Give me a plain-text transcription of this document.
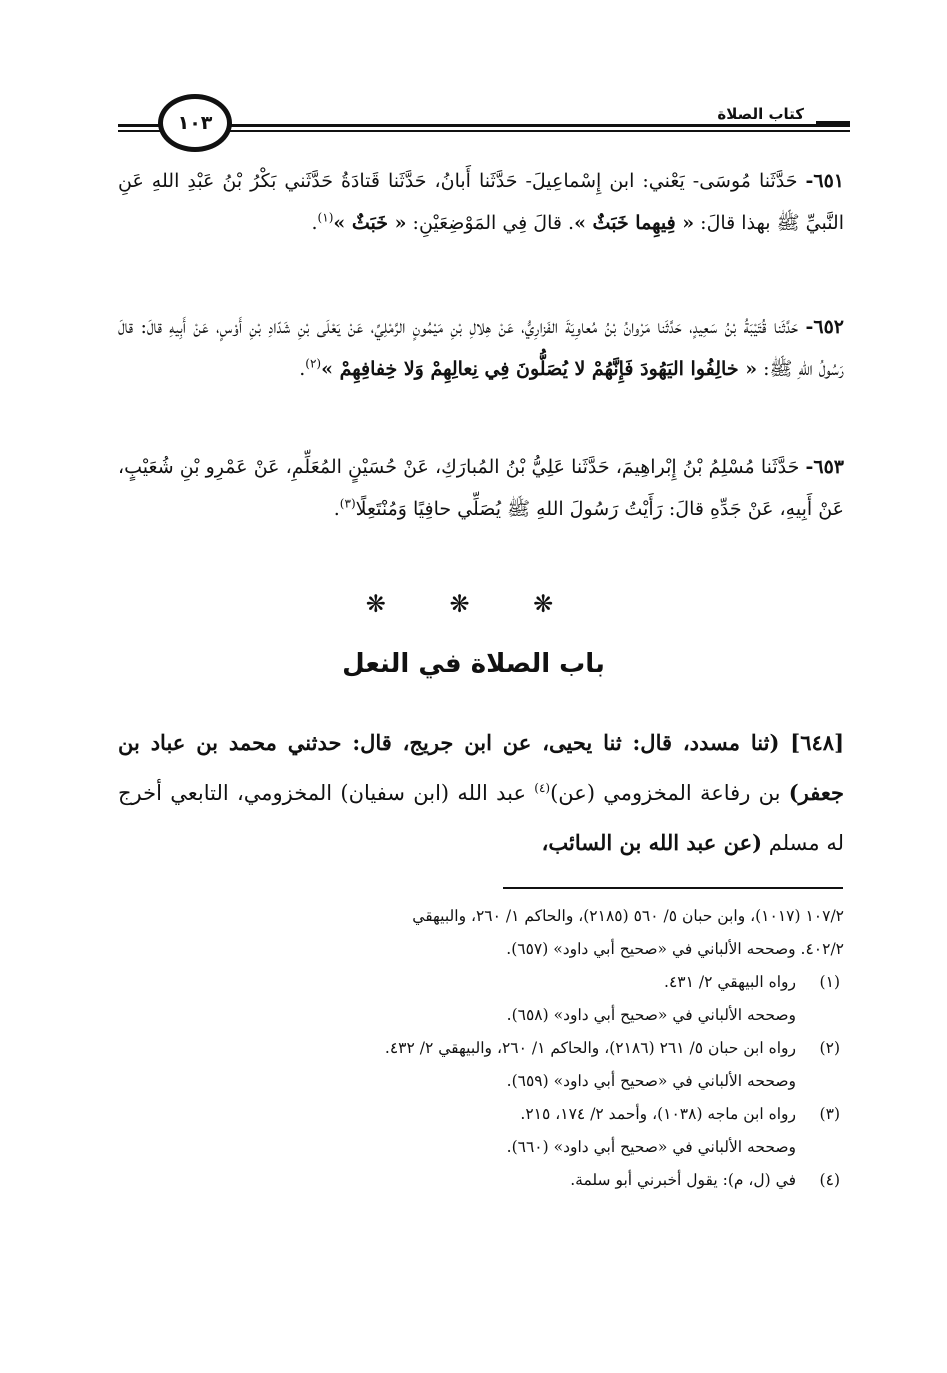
كتاب الصلاة
١٠٣

٦٥١- حَدَّثَنا مُوسَى- يَعْني: ابن إِسْماعِيلَ- حَدَّثَنا أَبانُ، حَدَّثَنا قَتادَةُ حَدَّثَني بَكْرُ بْنُ عَبْدِ اللهِ عَنِ النَّبيِّ ﷺ بهذا قالَ: « فِيهِما خَبَثٌ ». قالَ فِي المَوْضِعَيْنِ: « خَبَثٌ »$^{(١)}$.

٦٥٢- حَدَّثَنا قُتَيْبَةُ بْنُ سَعِيدٍ، حَدَّثَنا مَرْوانُ بْنُ مُعاوِيَةَ الفَزارِيُّ، عَنْ هِلالِ بْنِ مَيْمُونٍ الرَّمْلِيِّ، عَنْ يَعْلَى بْنِ شَدّادِ بْنِ أَوْسٍ، عَنْ أَبِيهِ قالَ: قالَ رَسُولُ اللهِ ﷺ: « خالِفُوا اليَهُودَ فَإِنَّهُمْ لا يُصَلُّونَ فِي نِعالِهِمْ وَلا خِفافِهِمْ »$^{(٢)}$.

٦٥٣- حَدَّثَنا مُسْلِمُ بْنُ إِبْراهِيمَ، حَدَّثَنا عَلِيُّ بْنُ المُبارَكِ، عَنْ حُسَيْنٍ المُعَلِّمِ، عَنْ عَمْرِو بْنِ شُعَيْبٍ، عَنْ أَبِيهِ، عَنْ جَدِّهِ قالَ: رَأَيْتُ رَسُولَ اللهِ ﷺ يُصَلِّي حافِيًا وَمُنْتَعِلًا$^{(٣)}$.

❋ ❋ ❋
باب الصلاة في النعل

[٦٤٨] (ثنا مسدد، قال: ثنا يحيى، عن ابن جريج، قال: حدثني محمد بن عباد بن جعفر) بن رفاعة المخزومي (عن)$^{(٤)}$ عبد الله (ابن سفيان) المخزومي، التابعي أخرج له مسلم (عن عبد الله بن السائب،

١٠٧/٢ (١٠١٧)، وابن حبان ٥/ ٥٦٠ (٢١٨٥)، والحاكم ١/ ٢٦٠، والبيهقي
٤٠٢/٢. وصححه الألباني في «صحيح أبي داود» (٦٥٧).
(١)
رواه البيهقي ٢/ ٤٣١.
وصححه الألباني في «صحيح أبي داود» (٦٥٨).
(٢)
رواه ابن حبان ٥/ ٢٦١ (٢١٨٦)، والحاكم ١/ ٢٦٠، والبيهقي ٢/ ٤٣٢.
وصححه الألباني في «صحيح أبي داود» (٦٥٩).
(٣)
رواه ابن ماجه (١٠٣٨)، وأحمد ٢/ ١٧٤، ٢١٥.
وصححه الألباني في «صحيح أبي داود» (٦٦٠).
(٤)
في (ل، م): يقول أخبرني أبو سلمة.
